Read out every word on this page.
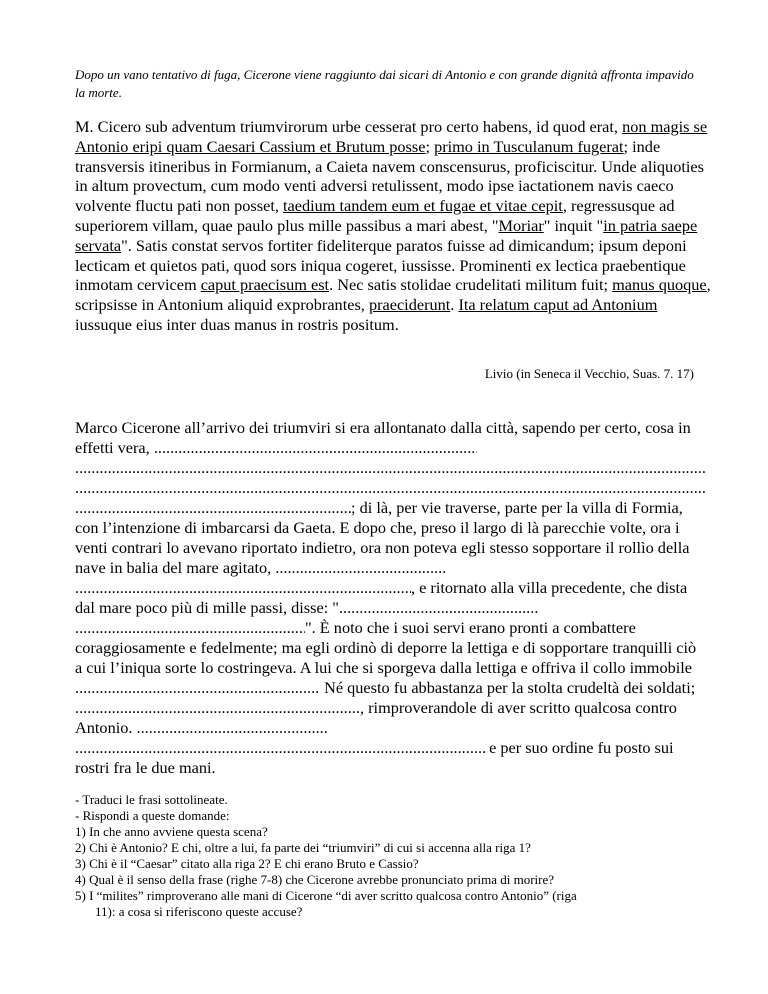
Dopo un vano tentativo di fuga, Cicerone viene raggiunto dai sicari di Antonio e con grande dignità affronta impavido la morte.
M. Cicero sub adventum triumvirorum urbe cesserat pro certo habens, id quod erat, non magis se Antonio eripi quam Caesari Cassium et Brutum posse; primo in Tusculanum fugerat; inde transversis itineribus in Formianum, a Caieta navem conscensurus, proficiscitur. Unde aliquoties in altum provectum, cum modo venti adversi retulissent, modo ipse iactationem navis caeco volvente fluctu pati non posset, taedium tandem eum et fugae et vitae cepit, regressusque ad superiorem villam, quae paulo plus mille passibus a mari abest, "Moriar" inquit "in patria saepe servata". Satis constat servos fortiter fideliterque paratos fuisse ad dimicandum; ipsum deponi lecticam et quietos pati, quod sors iniqua cogeret, iussisse. Prominenti ex lectica praebentique inmotam cervicem caput praecisum est. Nec satis stolidae crudelitati militum fuit; manus quoque, scripsisse in Antonium aliquid exprobrantes, praeciderunt. Ita relatum caput ad Antonium iussuque eius inter duas manus in rostris positum.
Livio (in Seneca il Vecchio, Suas. 7. 17)
Marco Cicerone all’arrivo dei triumviri si era allontanato dalla città, sapendo per certo, cosa in effetti vera, .....
.....
.....
.....; di là, per vie traverse, parte per la villa di Formia, con l’intenzione di imbarcarsi da Gaeta. E dopo che, preso il largo di là parecchie volte, ora i venti contrari lo avevano riportato indietro, ora non poteva egli stesso sopportare il rollìo della nave in balia del mare agitato, .....
....., e ritornato alla villa precedente, che dista dal mare poco più di mille passi, disse: ".....
.....". È noto che i suoi servi erano pronti a combattere coraggiosamente e fedelmente; ma egli ordinò di deporre la lettiga e di sopportare tranquilli ciò a cui l’iniqua sorte lo costringeva. A lui che si sporgeva dalla lettiga e offriva il collo immobile ..... Né questo fu abbastanza per la stolta crudeltà dei soldati; ....., rimproverandole di aver scritto qualcosa contro Antonio. .....
..... e per suo ordine fu posto sui rostri fra le due mani.
- Traduci le frasi sottolineate.
- Rispondi a queste domande:
1) In che anno avviene questa scena?
2) Chi è Antonio? E chi, oltre a lui, fa parte dei “triumviri” di cui si accenna alla riga 1?
3) Chi è il “Caesar” citato alla riga 2? E chi erano Bruto e Cassio?
4) Qual è il senso della frase (righe 7-8) che Cicerone avrebbe pronunciato prima di morire?
5) I “milites” rimproverano alle mani di Cicerone “di aver scritto qualcosa contro Antonio” (riga
11): a cosa si riferiscono queste accuse?
